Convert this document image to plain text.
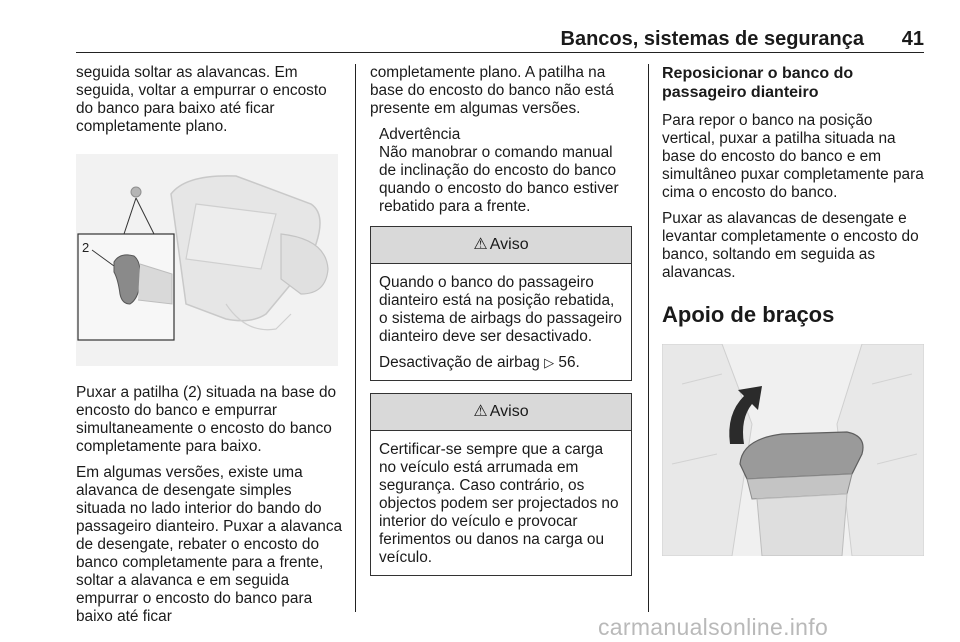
Bancos, sistemas de segurança 41

seguida soltar as alavancas. Em seguida, voltar a empurrar o encosto do banco para baixo até ficar completamente plano.

2

Puxar a patilha (2) situada na base do encosto do banco e empurrar simultaneamente o encosto do banco completamente para baixo.

Em algumas versões, existe uma alavanca de desengate simples situada no lado interior do bando do passageiro dianteiro. Puxar a alavanca de desengate, rebater o encosto do banco completamente para a frente, soltar a alavanca e em seguida empurrar o encosto do banco para baixo até ficar

completamente plano. A patilha na base do encosto do banco não está presente em algumas versões.

Advertência

Não manobrar o comando manual de inclinação do encosto do banco quando o encosto do banco estiver rebatido para a frente.

⚠ Aviso

Quando o banco do passageiro dianteiro está na posição rebatida, o sistema de airbags do passageiro dianteiro deve ser desactivado.

Desactivação de airbag ▷ 56.

⚠ Aviso

Certificar-se sempre que a carga no veículo está arrumada em segurança. Caso contrário, os objectos podem ser projectados no interior do veículo e provocar ferimentos ou danos na carga ou veículo.

Reposicionar o banco do passageiro dianteiro

Para repor o banco na posição vertical, puxar a patilha situada na base do encosto do banco e em simultâneo puxar completamente para cima o encosto do banco.

Puxar as alavancas de desengate e levantar completamente o encosto do banco, soltando em seguida as alavancas.

Apoio de braços

carmanualsonline.info
